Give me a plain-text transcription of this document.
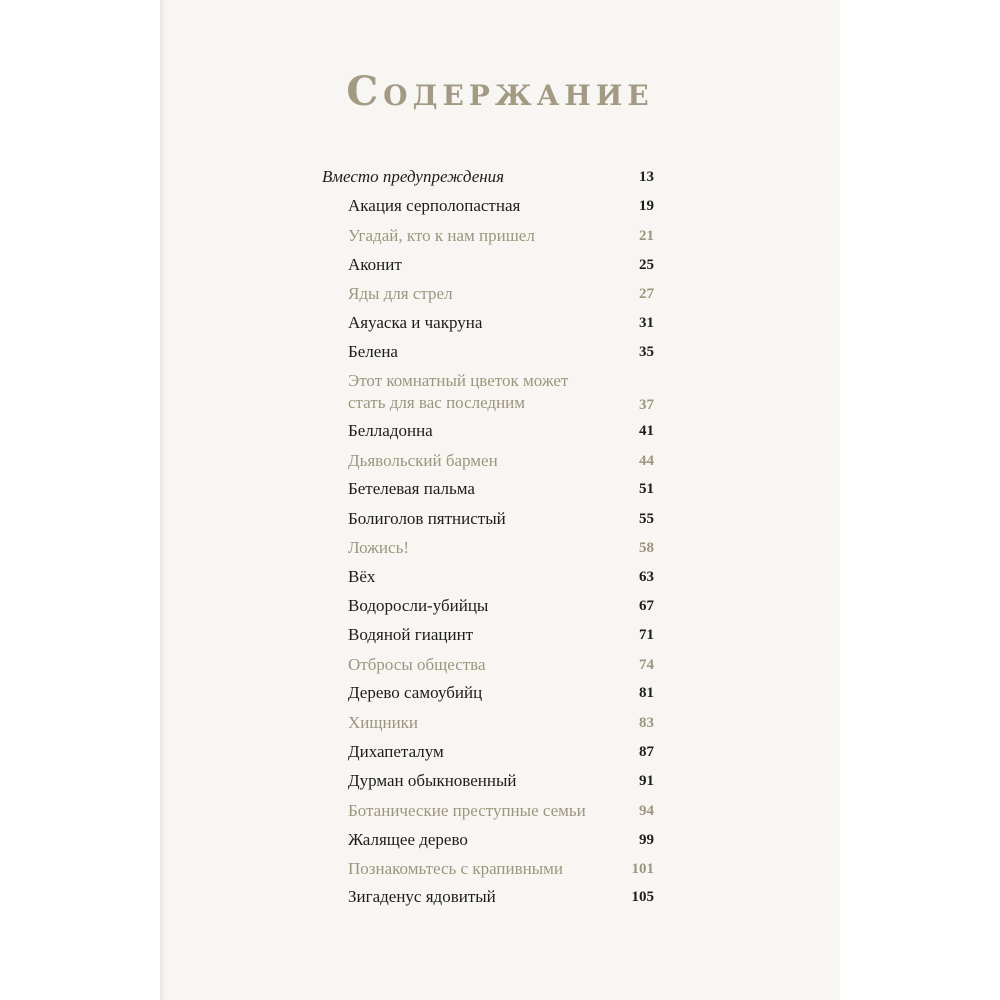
Содержание
Вместо предупреждения	13
Акация серполопастная	19
Угадай, кто к нам пришел	21
Аконит	25
Яды для стрел	27
Аяуаска и чакруна	31
Белена	35
Этот комнатный цветок может
стать для вас последним	37
Белладонна	41
Дьявольский бармен	44
Бетелевая пальма	51
Болиголов пятнистый	55
Ложись!	58
Вёх	63
Водоросли-убийцы	67
Водяной гиацинт	71
Отбросы общества	74
Дерево самоубийц	81
Хищники	83
Дихапеталум	87
Дурман обыкновенный	91
Ботанические преступные семьи	94
Жалящее дерево	99
Познакомьтесь с крапивными	101
Зигаденус ядовитый	105
